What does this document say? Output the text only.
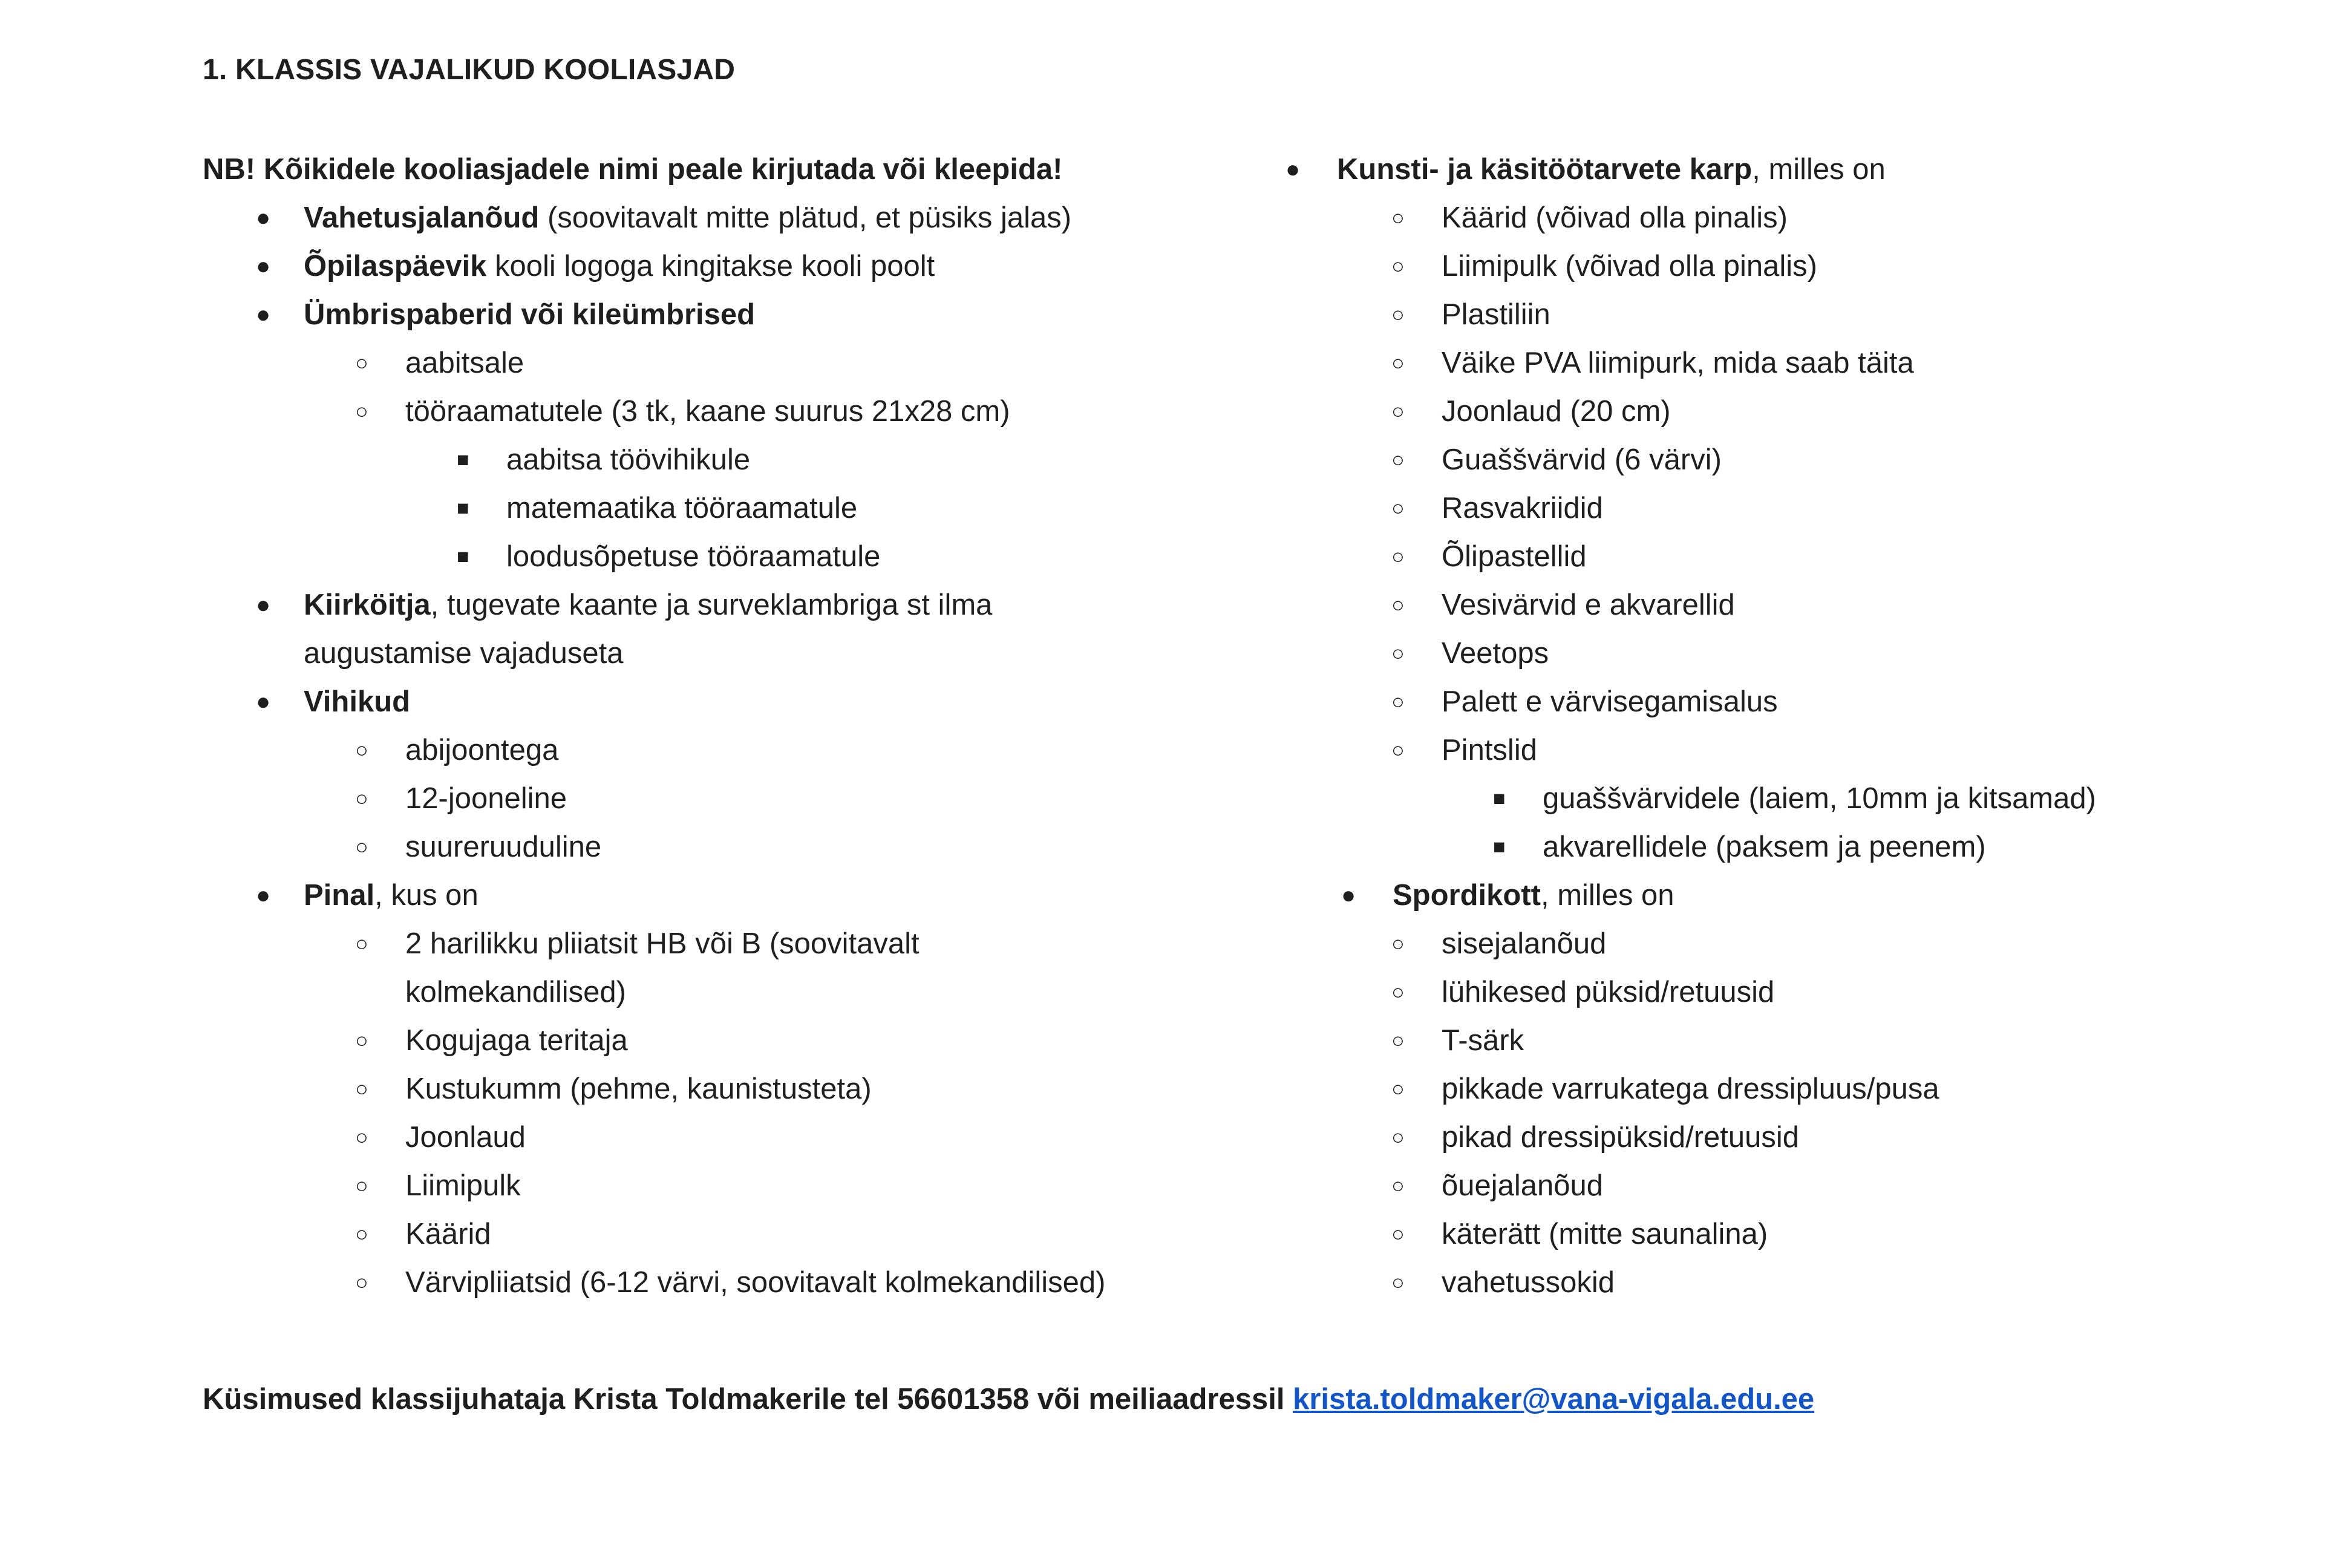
1. KLASSIS VAJALIKUD KOOLIASJAD
NB! Kõikidele kooliasjadele nimi peale kirjutada või kleepida!
● Vahetusjalanõud (soovitavalt mitte plätud, et püsiks jalas)
● Õpilaspäevik kooli logoga kingitakse kooli poolt
● Ümbrispaberid või kileümbrised
○ aabitsale
○ tööraamatutele (3 tk, kaane suurus 21x28 cm)
■ aabitsa töövihikule
■ matemaatika tööraamatule
■ loodusõpetuse tööraamatule
● Kiirköitja, tugevate kaante ja surveklambriga st ilma
augustamise vajaduseta
● Vihikud
○ abijoontega
○ 12-jooneline
○ suureruuduline
● Pinal, kus on
○ 2 harilikku pliiatsit HB või B (soovitavalt
kolmekandilised)
○ Kogujaga teritaja
○ Kustukumm (pehme, kaunistusteta)
○ Joonlaud
○ Liimipulk
○ Käärid
○ Värvipliiatsid (6-12 värvi, soovitavalt kolmekandilised)
● Kunsti- ja käsitöötarvete karp, milles on
○ Käärid (võivad olla pinalis)
○ Liimipulk (võivad olla pinalis)
○ Plastiliin
○ Väike PVA liimipurk, mida saab täita
○ Joonlaud (20 cm)
○ Guaššvärvid (6 värvi)
○ Rasvakriidid
○ Õlipastellid
○ Vesivärvid e akvarellid
○ Veetops
○ Palett e värvisegamisalus
○ Pintslid
■ guaššvärvidele (laiem, 10mm ja kitsamad)
■ akvarellidele (paksem ja peenem)
● Spordikott, milles on
○ sisejalanõud
○ lühikesed püksid/retuusid
○ T-särk
○ pikkade varrukatega dressipluus/pusa
○ pikad dressipüksid/retuusid
○ õuejalanõud
○ käterätt (mitte saunalina)
○ vahetussokid
Küsimused klassijuhataja Krista Toldmakerile tel 56601358 või meiliaadressil krista.toldmaker@vana-vigala.edu.ee
